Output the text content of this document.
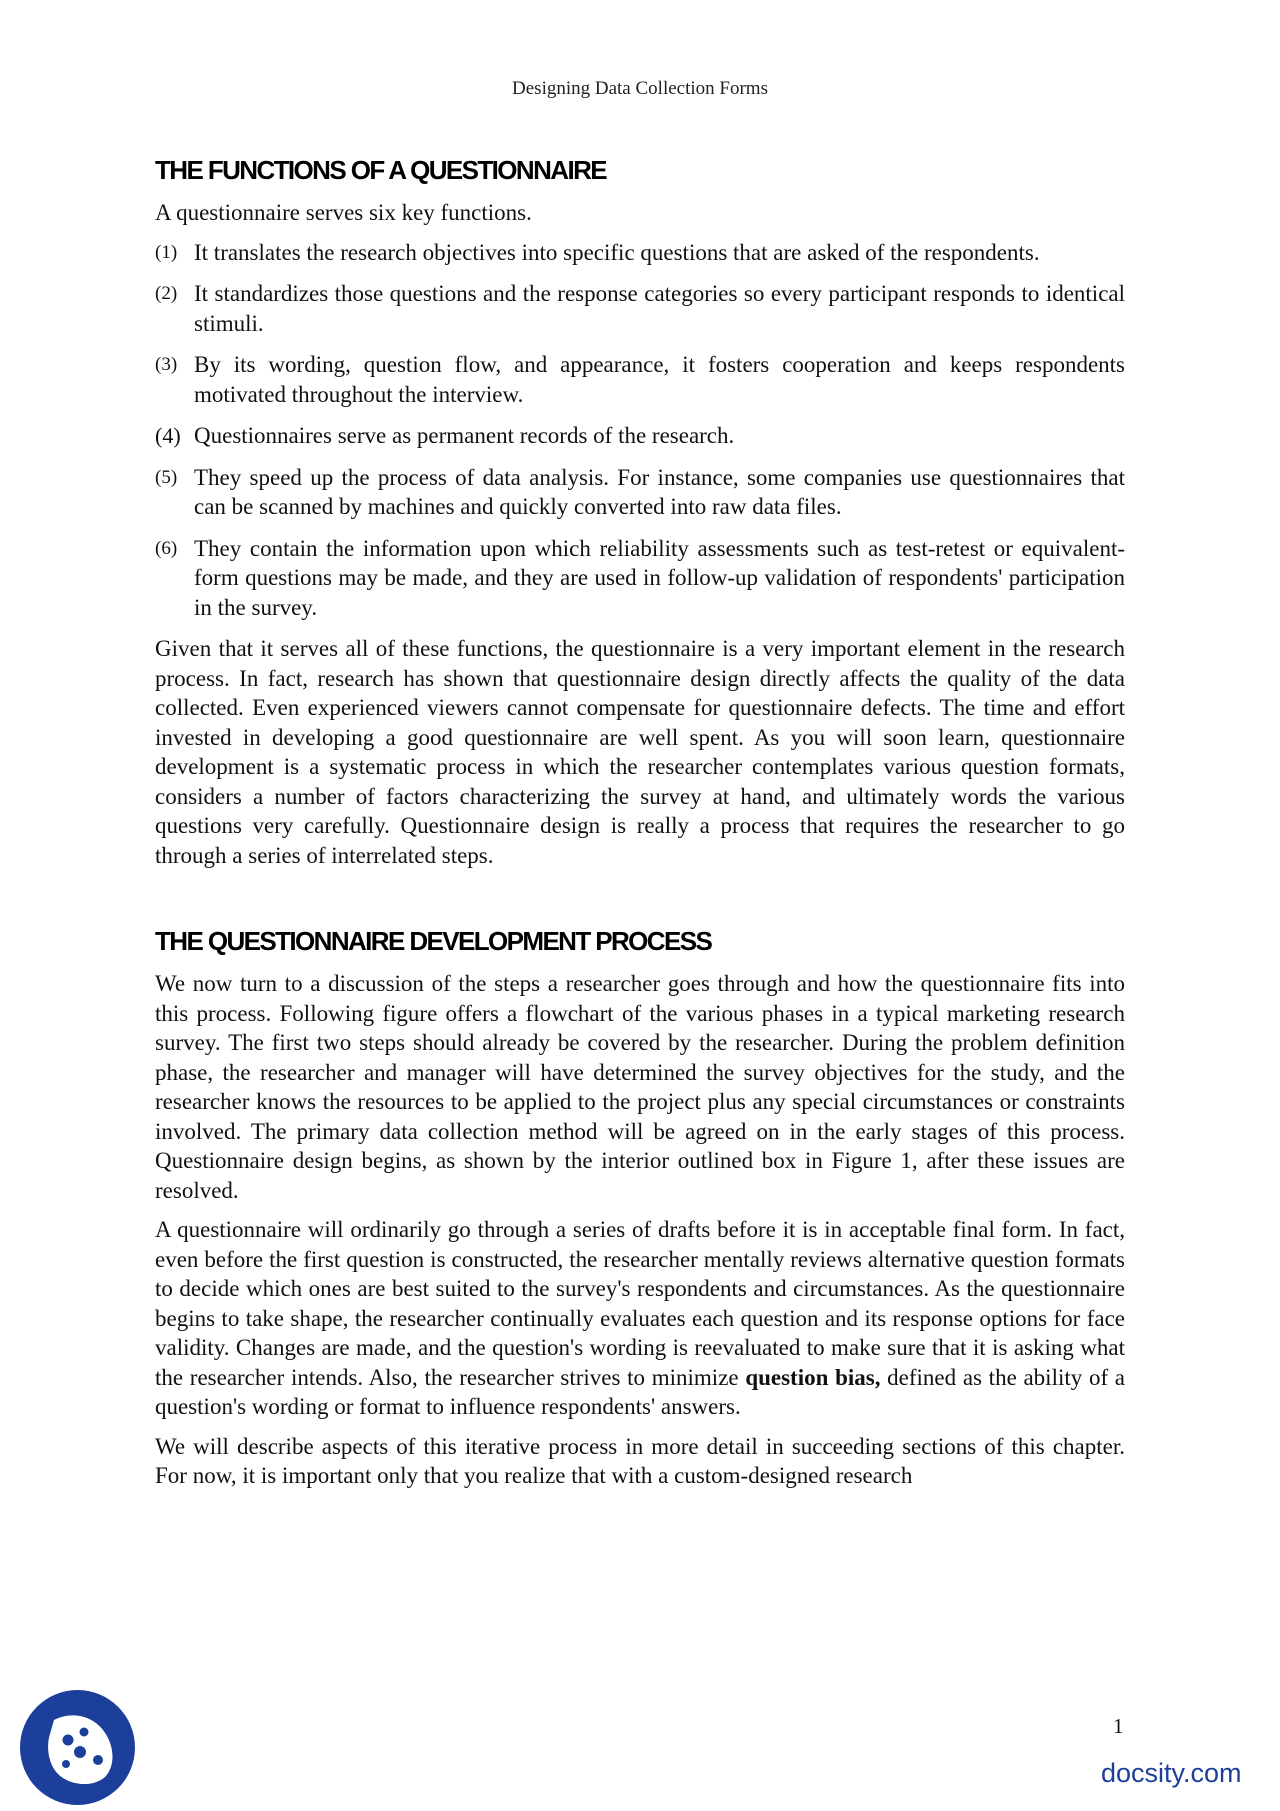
Designing Data Collection Forms
THE FUNCTIONS OF A QUESTIONNAIRE

A questionnaire serves six key functions.

(1) It translates the research objectives into specific questions that are asked of the respondents.
(2) It standardizes those questions and the response categories so every participant responds to identical stimuli.
(3) By its wording, question flow, and appearance, it fosters cooperation and keeps respondents motivated throughout the interview.
(4) Questionnaires serve as permanent records of the research.
(5) They speed up the process of data analysis. For instance, some companies use questionnaires that can be scanned by machines and quickly converted into raw data files.
(6) They contain the information upon which reliability assessments such as test-retest or equivalent-form questions may be made, and they are used in follow-up validation of respondents' participation in the survey.

Given that it serves all of these functions, the questionnaire is a very important element in the research process. In fact, research has shown that questionnaire design directly affects the quality of the data collected. Even experienced viewers cannot compensate for questionnaire defects. The time and effort invested in developing a good questionnaire are well spent. As you will soon learn, questionnaire development is a systematic process in which the researcher contemplates various question formats, considers a number of factors characterizing the survey at hand, and ultimately words the various questions very carefully. Questionnaire design is really a process that requires the researcher to go through a series of interrelated steps.

THE QUESTIONNAIRE DEVELOPMENT PROCESS

We now turn to a discussion of the steps a researcher goes through and how the questionnaire fits into this process. Following figure offers a flowchart of the various phases in a typical marketing research survey. The first two steps should already be covered by the researcher. During the problem definition phase, the researcher and manager will have determined the survey objectives for the study, and the researcher knows the resources to be applied to the project plus any special circumstances or constraints involved. The primary data collection method will be agreed on in the early stages of this process. Questionnaire design begins, as shown by the interior outlined box in Figure 1, after these issues are resolved.

A questionnaire will ordinarily go through a series of drafts before it is in acceptable final form. In fact, even before the first question is constructed, the researcher mentally reviews alternative question formats to decide which ones are best suited to the survey's respondents and circumstances. As the questionnaire begins to take shape, the researcher continually evaluates each question and its response options for face validity. Changes are made, and the question's wording is reevaluated to make sure that it is asking what the researcher intends. Also, the researcher strives to minimize question bias, defined as the ability of a question's wording or format to influence respondents' answers.

We will describe aspects of this iterative process in more detail in succeeding sections of this chapter. For now, it is important only that you realize that with a custom-designed research

1
docsity.com
